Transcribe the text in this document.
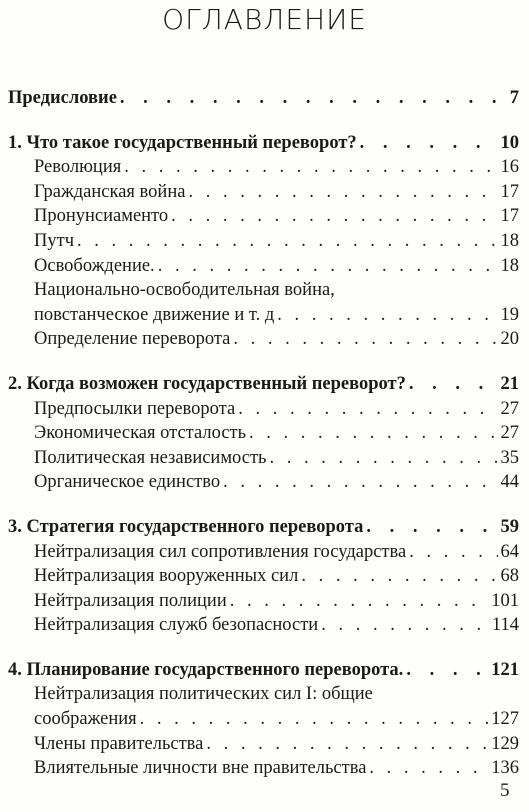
ОГЛАВЛЕНИЕ
Предисловие . . .	7
1. Что такое государственный переворот? . . .	10
Революция . . .	16
Гражданская война . . .	17
Пронунсиаменто . . .	17
Путч . . .	18
Освобождение. . . .	18
Национально-освободительная война,
повстанческое движение и т. д . . .	19
Определение переворота . . .	20
2. Когда возможен государственный переворот? . . .	21
Предпосылки переворота . . .	27
Экономическая отсталость . . .	27
Политическая независимость . . .	35
Органическое единство . . .	44
3. Стратегия государственного переворота . . .	59
Нейтрализация сил сопротивления государства . . .	64
Нейтрализация вооруженных сил . . .	68
Нейтрализация полиции . . .	101
Нейтрализация служб безопасности . . .	114
4. Планирование государственного переворота. . . .	121
Нейтрализация политических сил I: общие
соображения . . .	127
Члены правительства . . .	129
Влиятельные личности вне правительства . . .	136
5
